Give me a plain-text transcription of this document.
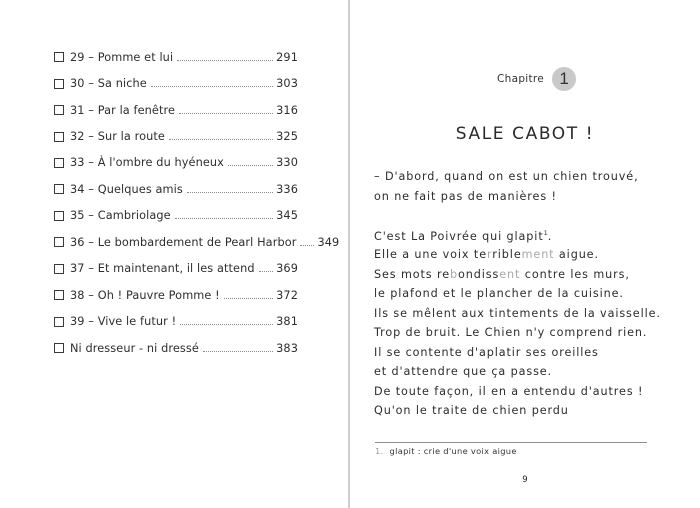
29 – Pomme et lui	291
30 – Sa niche	303
31 – Par la fenêtre	316
32 – Sur la route	325
33 – À l'ombre du hyéneux	330
34 – Quelques amis	336
35 – Cambriolage	345
36 – Le bombardement de Pearl Harbor 349
37 – Et maintenant, il les attend 369
38 – Oh ! Pauvre Pomme !	372
39 – Vive le futur !	381
Ni dresseur - ni dressé	383
Chapitre 1
SALE CABOT !
– D'abord, quand on est un chien trouvé,
on ne fait pas de manières !
C'est La Poivrée qui glapit$^1$.
Elle a une voix terriblement aigue.
Ses mots rebondissent contre les murs,
le plafond et le plancher de la cuisine.
Ils se mêlent aux tintements de la vaisselle.
Trop de bruit. Le Chien n'y comprend rien.
Il se contente d'aplatir ses oreilles
et d'attendre que ça passe.
De toute façon, il en a entendu d'autres !
Qu'on le traite de chien perdu
1. glapit : crie d'une voix aigue
9
